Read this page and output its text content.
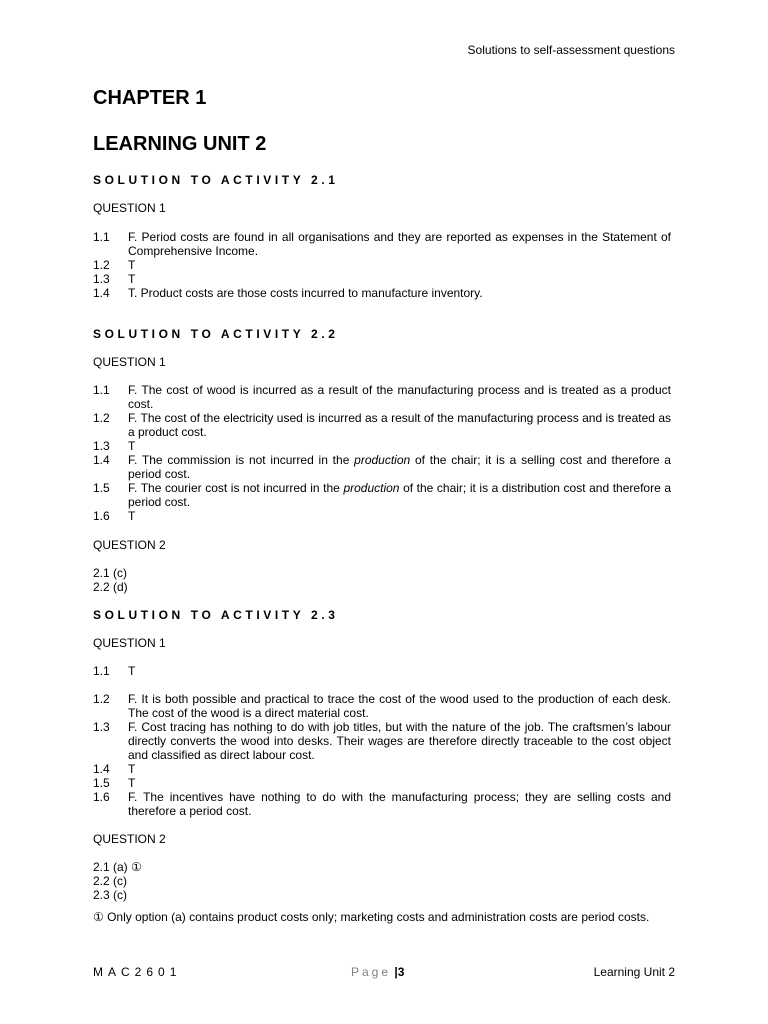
Solutions to self-assessment questions
CHAPTER 1
LEARNING UNIT 2
SOLUTION TO ACTIVITY 2.1

QUESTION 1

1.1	F. Period costs are found in all organisations and they are reported as expenses in the Statement of Comprehensive Income.
1.2	T
1.3	T
1.4	T. Product costs are those costs incurred to manufacture inventory.
SOLUTION TO ACTIVITY 2.2

QUESTION 1

1.1	F. The cost of wood is incurred as a result of the manufacturing process and is treated as a product cost.
1.2	F. The cost of the electricity used is incurred as a result of the manufacturing process and is treated as a product cost.
1.3	T
1.4	F. The commission is not incurred in the production of the chair; it is a selling cost and therefore a period cost.
1.5	F. The courier cost is not incurred in the production of the chair; it is a distribution cost and therefore a period cost.
1.6	T

QUESTION 2

2.1 (c)

2.2 (d)

SOLUTION TO ACTIVITY 2.3

QUESTION 1

1.1	T
1.2	F. It is both possible and practical to trace the cost of the wood used to the production of each desk. The cost of the wood is a direct material cost.
1.3	F. Cost tracing has nothing to do with job titles, but with the nature of the job. The craftsmen’s labour directly converts the wood into desks. Their wages are therefore directly traceable to the cost object and classified as direct labour cost.
1.4	T
1.5	T
1.6	F. The incentives have nothing to do with the manufacturing process; they are selling costs and therefore a period cost.

QUESTION 2

2.1 (a) ①

2.2 (c)

2.3 (c)

① Only option (a) contains product costs only; marketing costs and administration costs are period costs.

MAC2601	Page |3	Learning Unit 2
